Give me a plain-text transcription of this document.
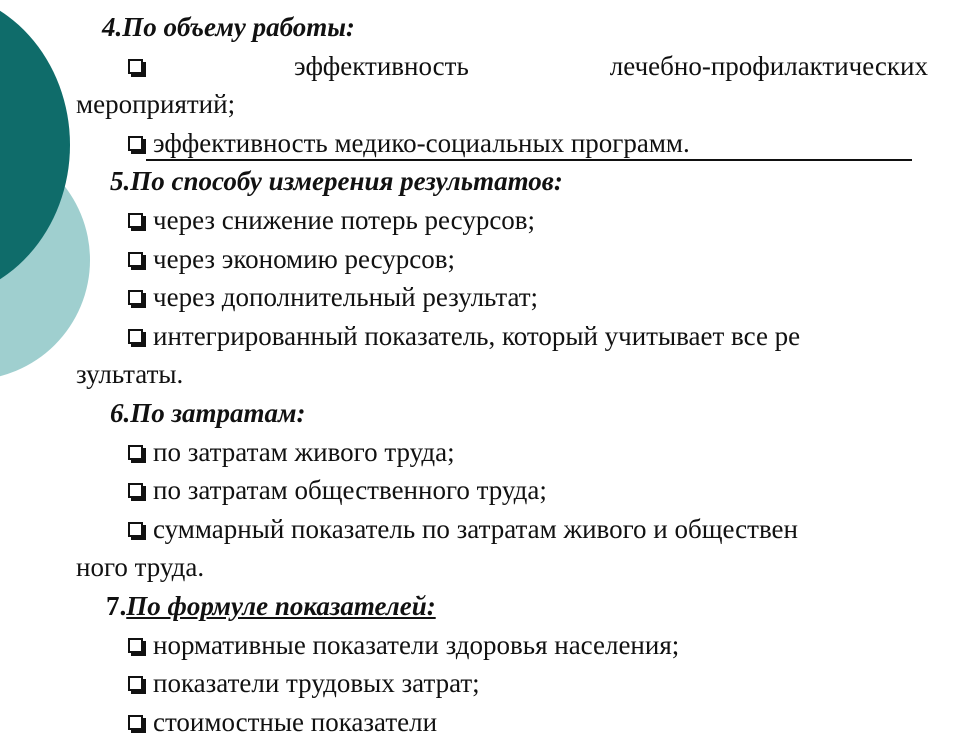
4.По объему работы:
эффективность	лечебно-профилактических
мероприятий;
эффективность медико-социальных программ.
5.По способу измерения результатов:
через снижение потерь ресурсов;
через экономию ресурсов;
через дополнительный результат;
интегрированный показатель, который учитывает все ре
зультаты.
6.По затратам:
по затратам живого труда;
по затратам общественного труда;
суммарный показатель по затратам живого и обществен
ного труда.
7.По формуле показателей:
нормативные показатели здоровья населения;
показатели трудовых затрат;
стоимостные показатели
